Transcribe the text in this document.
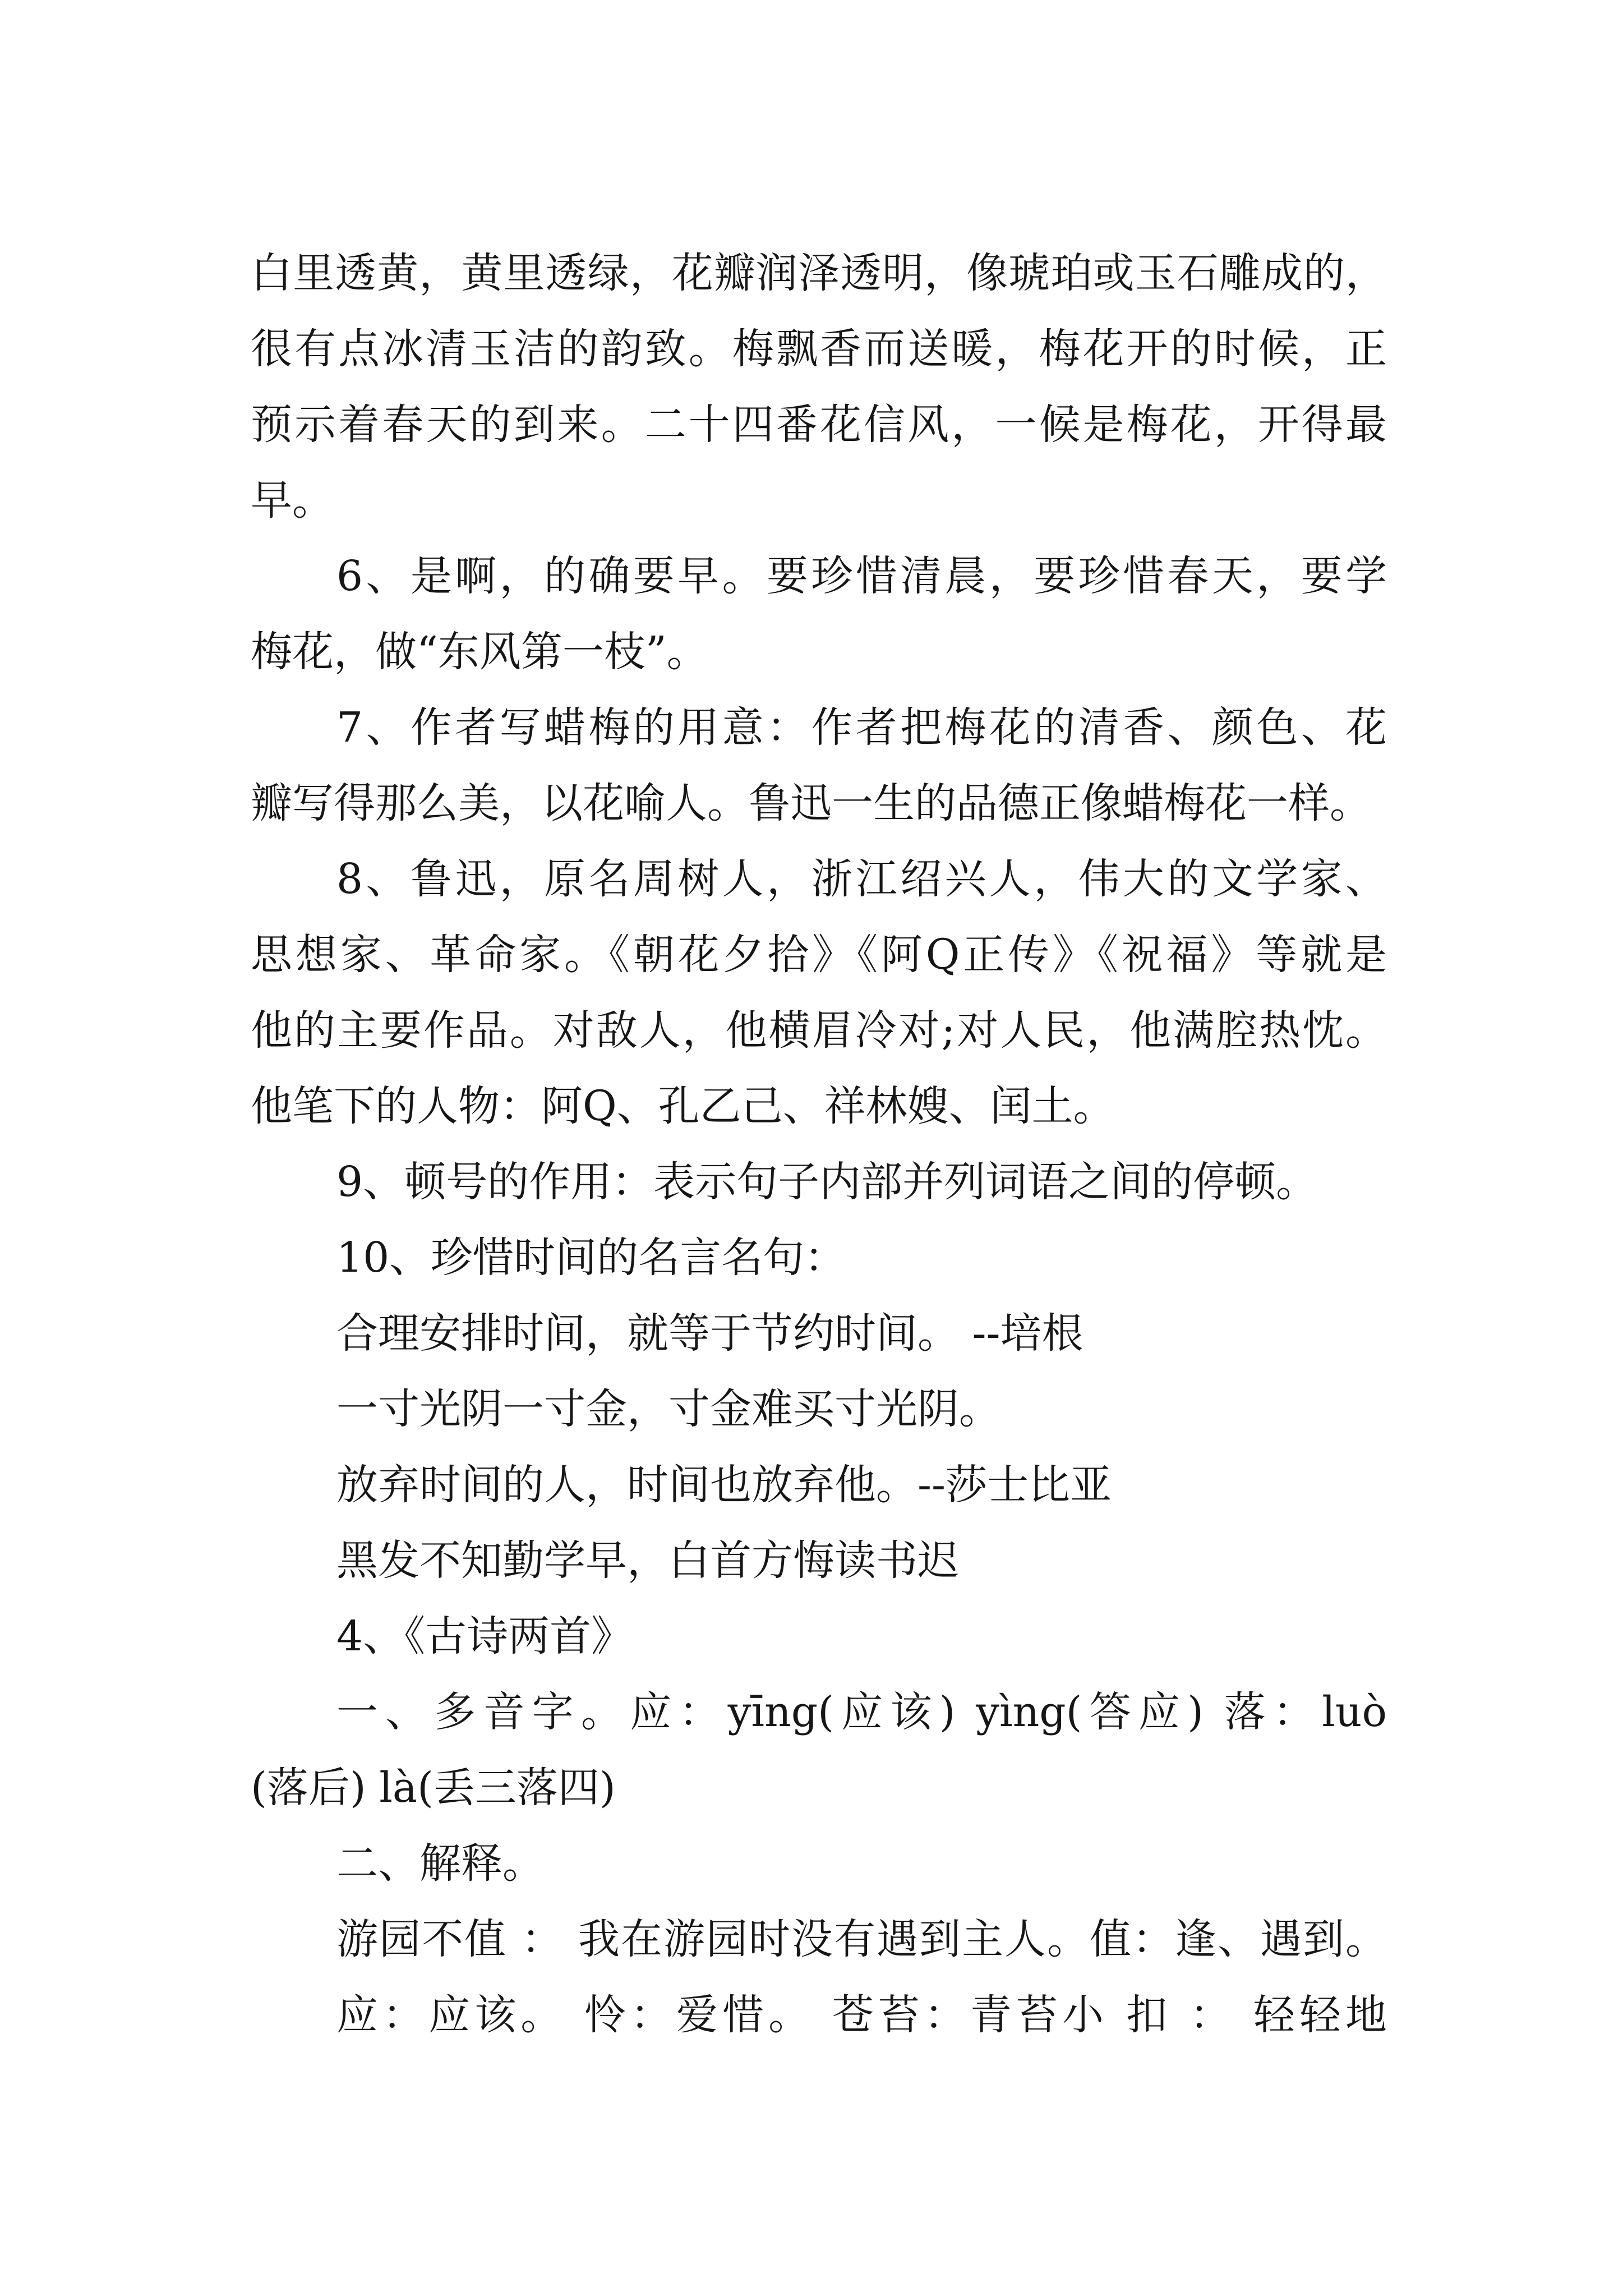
白里透黄，黄里透绿，花瓣润泽透明，像琥珀或玉石雕成的，
很有点冰清玉洁的韵致。梅飘香而送暖，梅花开的时候，正
预示着春天的到来。二十四番花信风，一候是梅花，开得最
早。
6、是啊，的确要早。要珍惜清晨，要珍惜春天，要学
梅花，做“东风第一枝”。
7、作者写蜡梅的用意：作者把梅花的清香、颜色、花
瓣写得那么美，以花喻人。鲁迅一生的品德正像蜡梅花一样。
8、鲁迅，原名周树人，浙江绍兴人，伟大的文学家、
思想家、革命家。《朝花夕拾》《阿Q正传》《祝福》等就是
他的主要作品。对敌人，他横眉冷对;对人民，他满腔热忱。
他笔下的人物：阿Q、孔乙己、祥林嫂、闰土。
9、顿号的作用：表示句子内部并列词语之间的停顿。
10、珍惜时间的名言名句：
合理安排时间，就等于节约时间。 --培根
一寸光阴一寸金，寸金难买寸光阴。
放弃时间的人，时间也放弃他。--莎士比亚
黑发不知勤学早，白首方悔读书迟
4、《古诗两首》
一、多音字。应：yīng(应该) yìng(答应) 落：luò
(落后) là(丢三落四)
二、解释。
游园不值 ： 我在游园时没有遇到主人。值：逢、遇到。
应：应该。 怜：爱惜。 苍苔：青苔小 扣 ： 轻轻地
